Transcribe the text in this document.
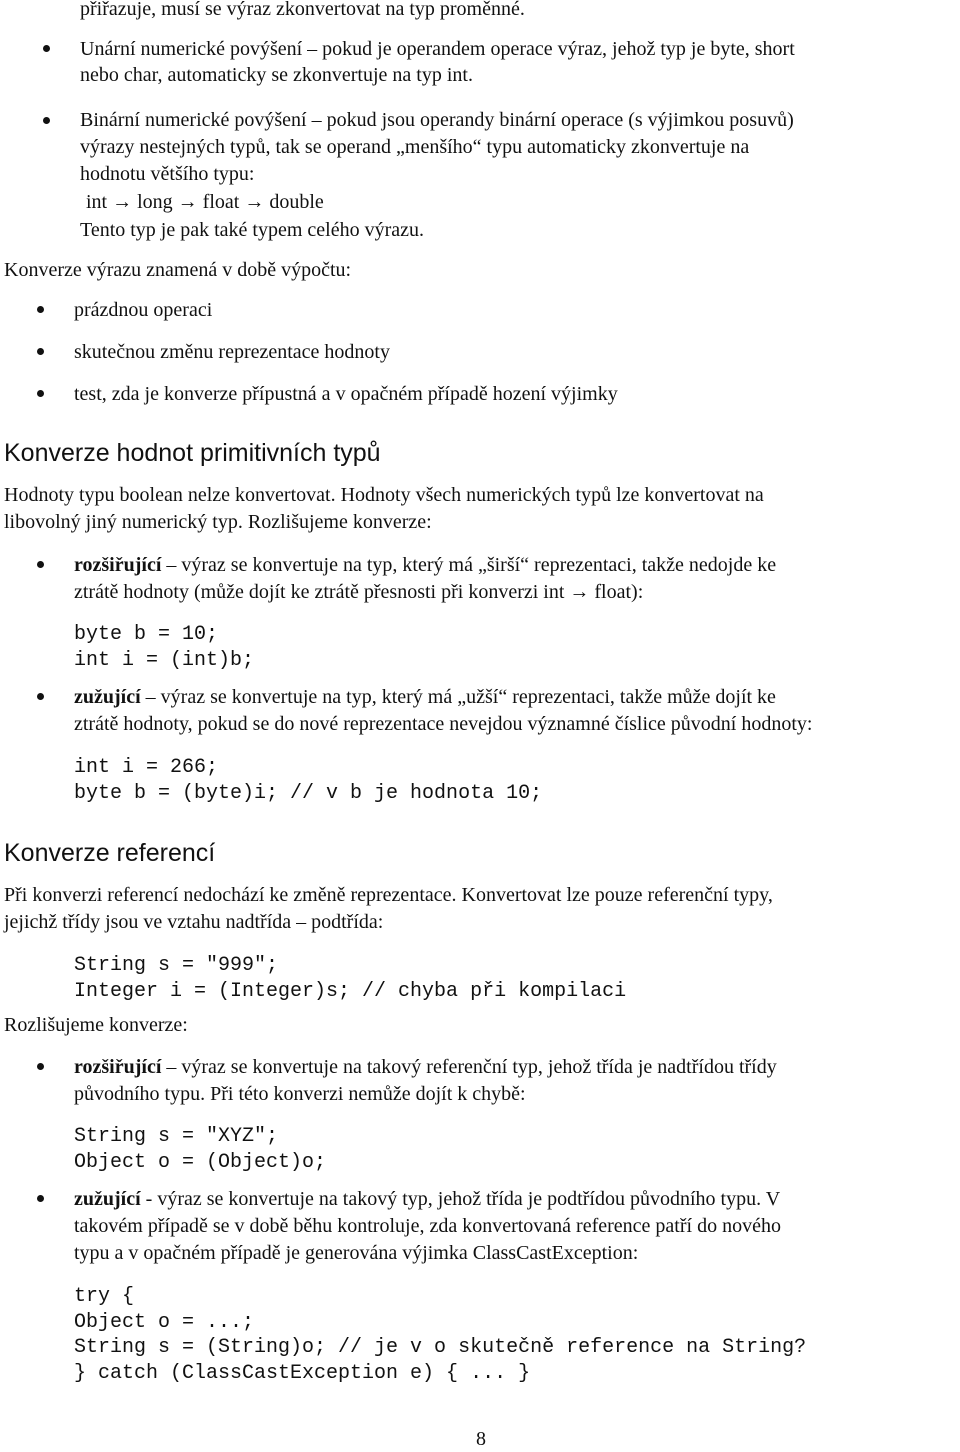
přiřazuje, musí se výraz zkonvertovat na typ proměnné.
Unární numerické povýšení – pokud je operandem operace výraz, jehož typ je byte, short
nebo char, automaticky se zkonvertuje na typ int.
Binární numerické povýšení – pokud jsou operandy binární operace (s výjimkou posuvů)
výrazy nestejných typů, tak se operand „menšího“ typu automaticky zkonvertuje na
hodnotu většího typu:
int → long → float → double
Tento typ je pak také typem celého výrazu.
Konverze výrazu znamená v době výpočtu:
prázdnou operaci
skutečnou změnu reprezentace hodnoty
test, zda je konverze přípustná a v opačném případě hození výjimky
Konverze hodnot primitivních typů
Hodnoty typu boolean nelze konvertovat. Hodnoty všech numerických typů lze konvertovat na
libovolný jiný numerický typ. Rozlišujeme konverze:
rozšiřující – výraz se konvertuje na typ, který má „širší“ reprezentaci, takže nedojde ke
ztrátě hodnoty (může dojít ke ztrátě přesnosti při konverzi int → float):
byte b = 10;
int i = (int)b;
zužující – výraz se konvertuje na typ, který má „užší“ reprezentaci, takže může dojít ke
ztrátě hodnoty, pokud se do nové reprezentace nevejdou významné číslice původní hodnoty:
int i = 266;
byte b = (byte)i; // v b je hodnota 10;
Konverze referencí
Při konverzi referencí nedochází ke změně reprezentace. Konvertovat lze pouze referenční typy,
jejichž třídy jsou ve vztahu nadtřída – podtřída:
String s = "999";
Integer i = (Integer)s; // chyba při kompilaci
Rozlišujeme konverze:
rozšiřující – výraz se konvertuje na takový referenční typ, jehož třída je nadtřídou třídy
původního typu. Při této konverzi nemůže dojít k chybě:
String s = "XYZ";
Object o = (Object)o;
zužující - výraz se konvertuje na takový typ, jehož třída je podtřídou původního typu. V
takovém případě se v době běhu kontroluje, zda konvertovaná reference patří do nového
typu a v opačném případě je generována výjimka ClassCastException:
try {
Object o = ...;
String s = (String)o; // je v o skutečně reference na String?
} catch (ClassCastException e) { ... }
8
